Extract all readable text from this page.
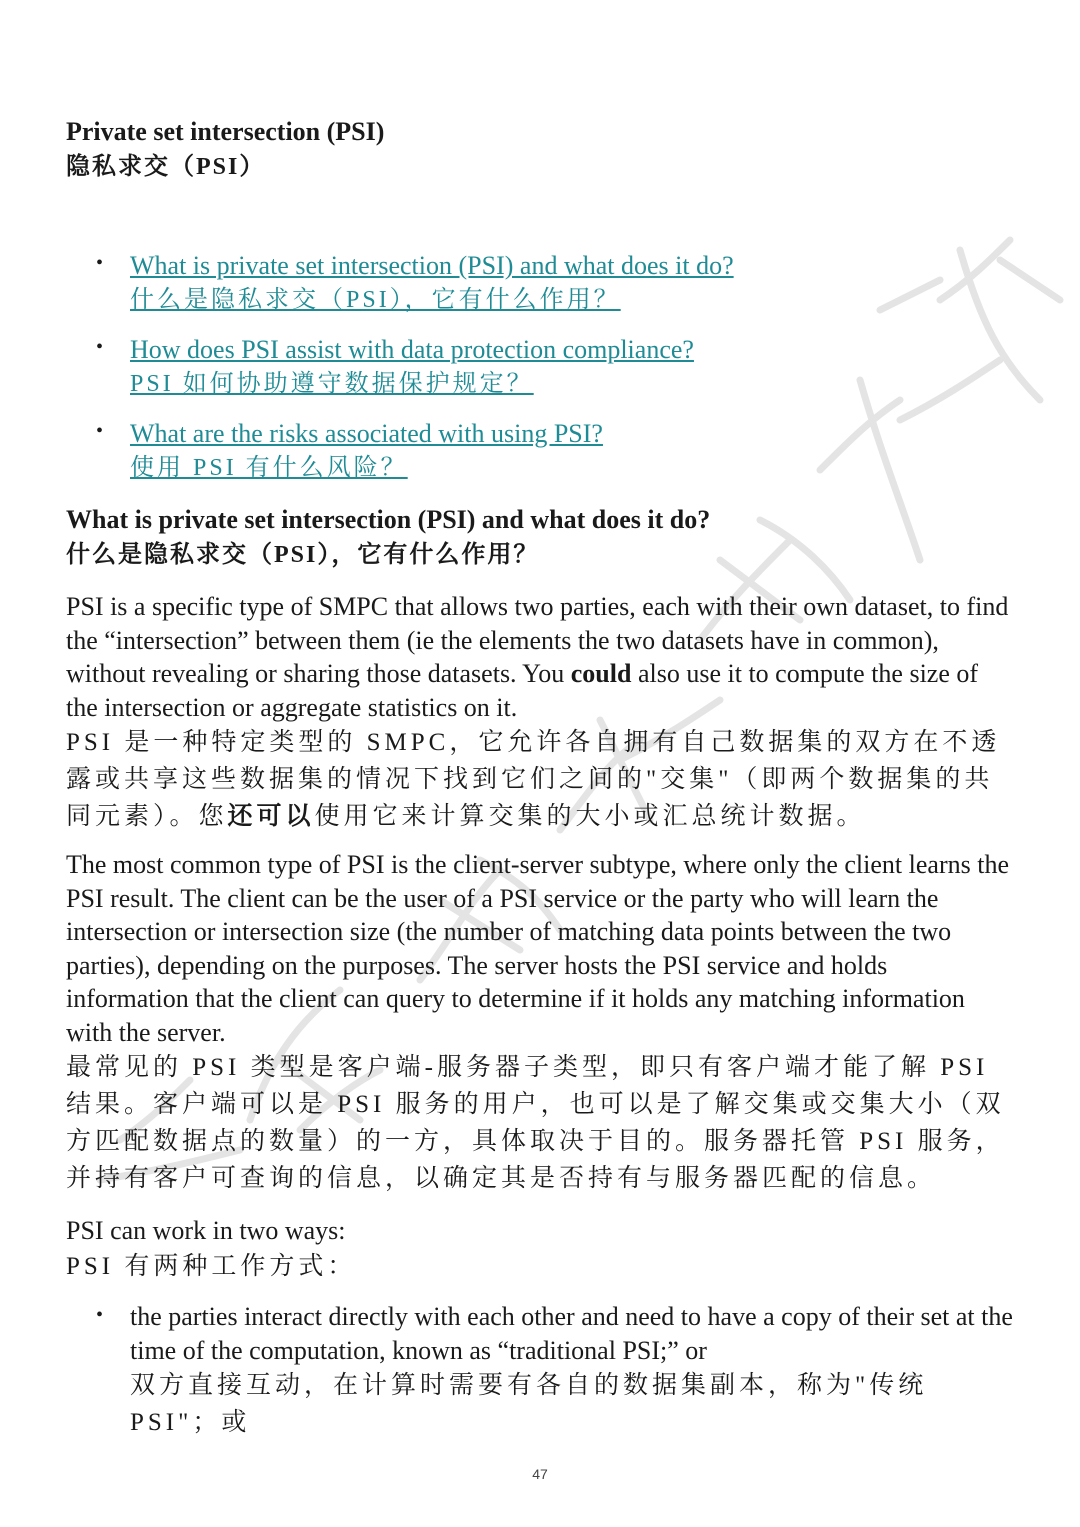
Private set intersection (PSI)
隐私求交（PSI）
• What is private set intersection (PSI) and what does it do?
什么是隐私求交（PSI），它有什么作用？
• How does PSI assist with data protection compliance?
PSI 如何协助遵守数据保护规定？
• What are the risks associated with using PSI?
使用 PSI 有什么风险？
What is private set intersection (PSI) and what does it do?
什么是隐私求交（PSI），它有什么作用？
PSI is a specific type of SMPC that allows two parties, each with their own dataset, to find the “intersection” between them (ie the elements the two datasets have in common), without revealing or sharing those datasets. You could also use it to compute the size of the intersection or aggregate statistics on it.
PSI 是一种特定类型的 SMPC，它允许各自拥有自己数据集的双方在不透露或共享这些数据集的情况下找到它们之间的"交集"（即两个数据集的共同元素）。您还可以使用它来计算交集的大小或汇总统计数据。
The most common type of PSI is the client-server subtype, where only the client learns the PSI result. The client can be the user of a PSI service or the party who will learn the intersection or intersection size (the number of matching data points between the two parties), depending on the purposes. The server hosts the PSI service and holds information that the client can query to determine if it holds any matching information with the server.
最常见的 PSI 类型是客户端-服务器子类型，即只有客户端才能了解 PSI 结果。客户端可以是 PSI 服务的用户，也可以是了解交集或交集大小（双方匹配数据点的数量）的一方，具体取决于目的。服务器托管 PSI 服务，并持有客户可查询的信息，以确定其是否持有与服务器匹配的信息。
PSI can work in two ways:
PSI 有两种工作方式：
• the parties interact directly with each other and need to have a copy of their set at the time of the computation, known as “traditional PSI;” or
双方直接互动，在计算时需要有各自的数据集副本，称为"传统 PSI"；或
47
